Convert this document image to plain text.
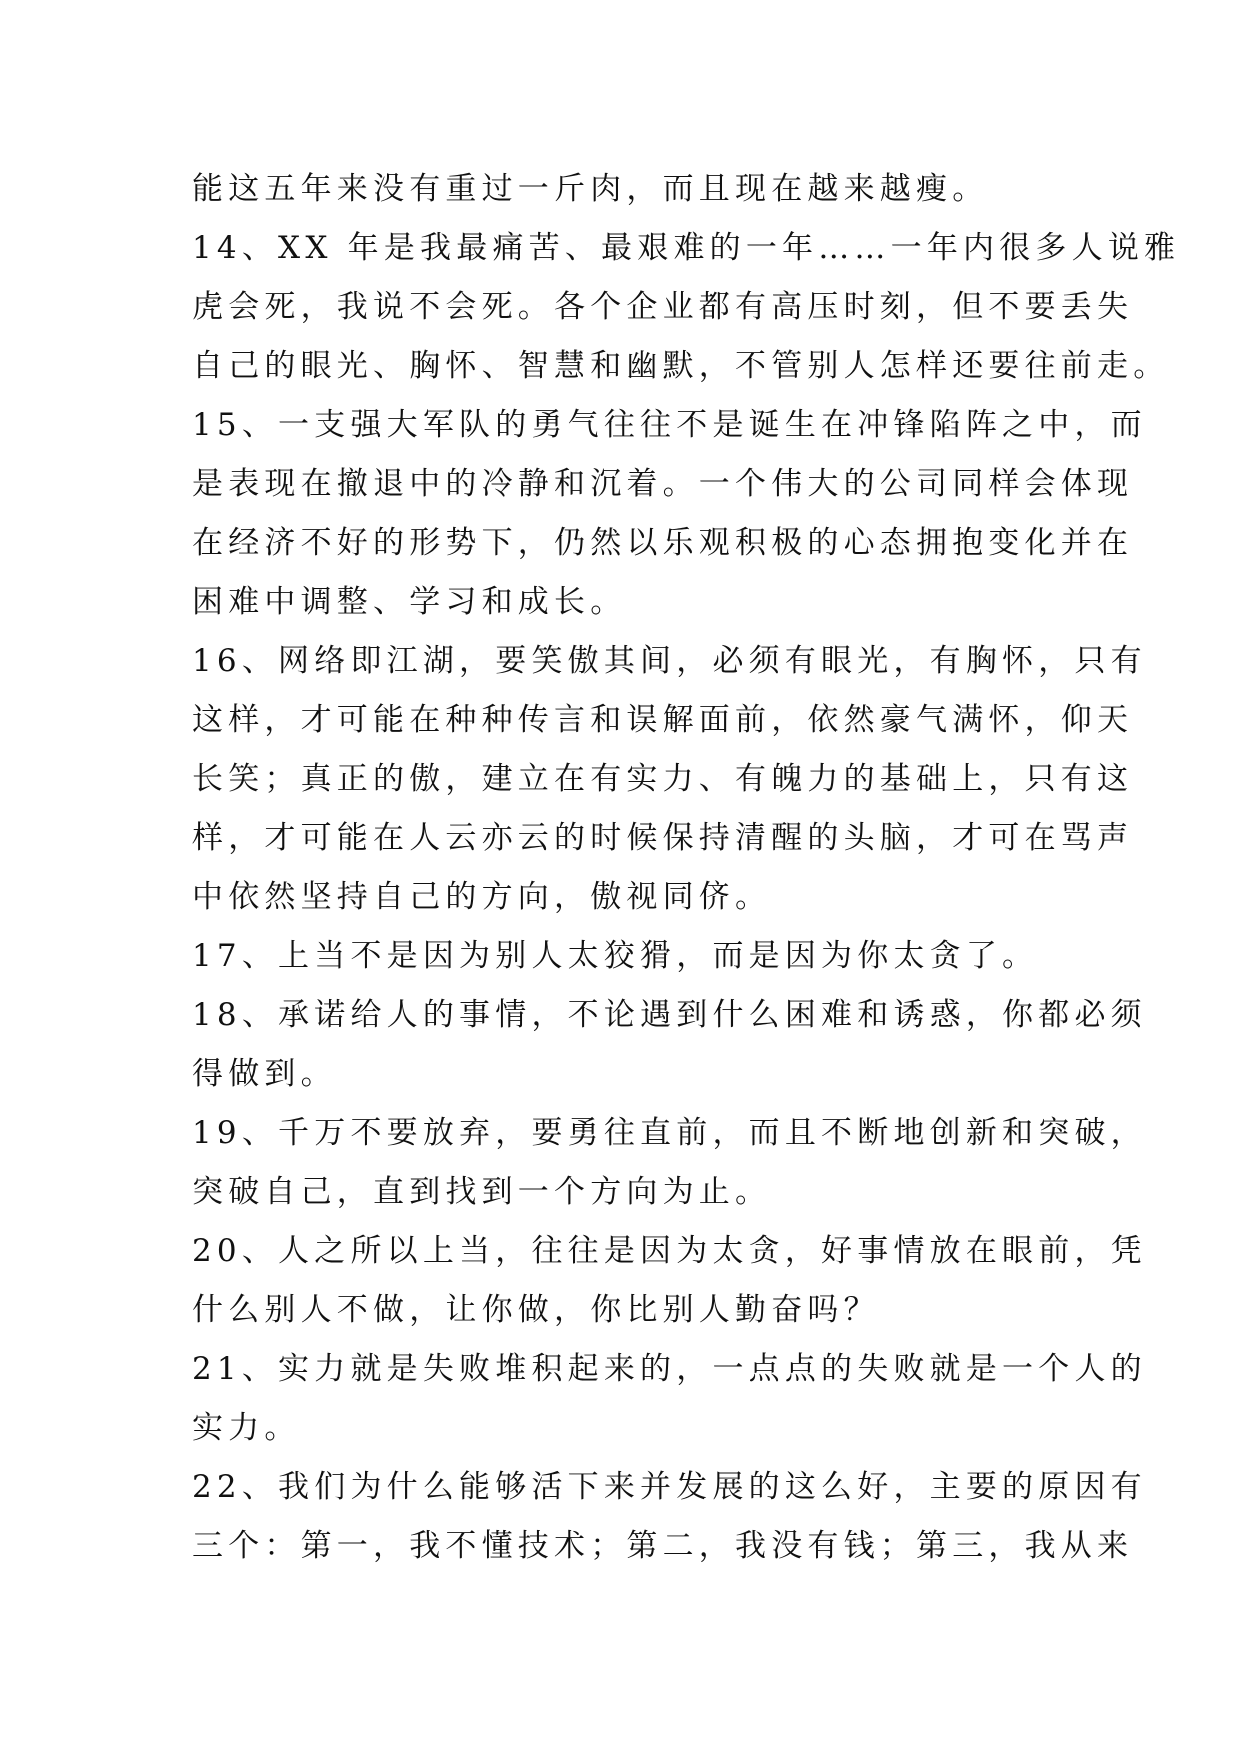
能这五年来没有重过一斤肉，而且现在越来越瘦。
14、XX 年是我最痛苦、最艰难的一年……一年内很多人说雅
虎会死，我说不会死。各个企业都有高压时刻，但不要丢失
自己的眼光、胸怀、智慧和幽默，不管别人怎样还要往前走。
15、一支强大军队的勇气往往不是诞生在冲锋陷阵之中，而
是表现在撤退中的冷静和沉着。一个伟大的公司同样会体现
在经济不好的形势下，仍然以乐观积极的心态拥抱变化并在
困难中调整、学习和成长。
16、网络即江湖，要笑傲其间，必须有眼光，有胸怀，只有
这样，才可能在种种传言和误解面前，依然豪气满怀，仰天
长笑；真正的傲，建立在有实力、有魄力的基础上，只有这
样，才可能在人云亦云的时候保持清醒的头脑，才可在骂声
中依然坚持自己的方向，傲视同侪。
17、上当不是因为别人太狡猾，而是因为你太贪了。
18、承诺给人的事情，不论遇到什么困难和诱惑，你都必须
得做到。
19、千万不要放弃，要勇往直前，而且不断地创新和突破，
突破自己，直到找到一个方向为止。
20、人之所以上当，往往是因为太贪，好事情放在眼前，凭
什么别人不做，让你做，你比别人勤奋吗？
21、实力就是失败堆积起来的，一点点的失败就是一个人的
实力。
22、我们为什么能够活下来并发展的这么好，主要的原因有
三个：第一，我不懂技术；第二，我没有钱；第三，我从来
